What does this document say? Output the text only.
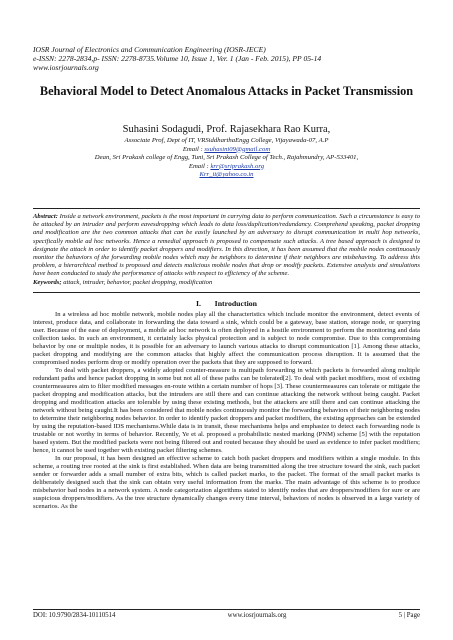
IOSR Journal of Electronics and Communication Engineering (IOSR-JECE)
e-ISSN: 2278-2834,p- ISSN: 2278-8735.Volume 10, Issue 1, Ver. 1 (Jan - Feb. 2015), PP 05-14
www.iosrjournals.org
Behavioral Model to Detect Anomalous Attacks in Packet Transmission
Suhasini Sodagudi, Prof. Rajasekhara Rao Kurra,
Associate Prof, Dept of IT, VRSiddharthaEngg College, Vijayawada-07, A.P
Email : ssuhasini09@gmail.com
Dean, Sri Prakash college of Engg, Tuni, Sri Prakash College of Tech., Rajahmundry, AP-533401,
Email : krr@sriprakash.org
Krr_it@yahoo.co.in
Abstract: Inside a network environment, packets is the most important in carrying data to perform communication. Such a circumstance is easy to be attacked by an intruder and perform eavesdropping which leads to data loss/duplication/redundancy. Comprehend speaking, packet dropping and modification are the two common attacks that can be easily launched by an adversary to disrupt communication in multi hop networks, specifically mobile ad hoc networks. Hence a remedial approach is proposed to compensate such attacks. A tree based approach is designed to designate the attack in order to identify packet droppers and modifiers. In this direction, it has been assumed that the mobile nodes continuously monitor the behaviors of the forwarding mobile nodes which may be neighbors to determine if their neighbors are misbehaving. To address this problem, a hierarchical method is proposed and detects malicious mobile nodes that drop or modify packets. Extensive analysis and simulations have been conducted to study the performance of attacks with respect to efficiency of the scheme.
Keywords; attack, intruder, behavior, packet dropping, modification
I. Introduction

In a wireless ad hoc mobile network, mobile nodes play all the characteristics which include monitor the environment, detect events of interest, produce data, and collaborate in forwarding the data toward a sink, which could be a gateway, base station, storage node, or querying user. Because of the ease of deployment, a mobile ad hoc network is often deployed in a hostile environment to perform the monitoring and data collection tasks. In such an environment, it certainly lacks physical protection and is subject to node compromise. Due to this compromising behavior by one or multiple nodes, it is possible for an adversary to launch various attacks to disrupt communication [1]. Among these attacks, packet dropping and modifying are the common attacks that highly affect the communication process disruption. It is assumed that the compromised nodes perform drop or modify operation over the packets that they are supposed to forward.

To deal with packet droppers, a widely adopted counter-measure is multipath forwarding in which packets is forwarded along multiple redundant paths and hence packet dropping in some but not all of these paths can be tolerated[2]. To deal with packet modifiers, most of existing countermeasures aim to filter modified messages en-route within a certain number of hops [3]. These countermeasures can tolerate or mitigate the packet dropping and modification attacks, but the intruders are still there and can continue attacking the network without being caught. Packet dropping and modification attacks are tolerable by using these existing methods, but the attackers are still there and can continue attacking the network without being caught.It has been considered that mobile nodes continuously monitor the forwarding behaviors of their neighboring nodes to determine their neighboring nodes behavior. In order to identify packet droppers and packet modifiers, the existing approaches can be extended by using the reputation-based IDS mechanisms.While data is in transit, these mechanisms helps and emphasize to detect each forwarding node is trustable or not worthy in terms of behavior. Recently, Ye et al. proposed a probabilistic nested marking (PNM) scheme [5] with the reputation based system. But the modified packets were not being filtered out and routed because they should be used as evidence to infer packet modifiers; hence, it cannot be used together with existing packet filtering schemes.

In our proposal, it has been designed an effective scheme to catch both packet droppers and modifiers within a single module. In this scheme, a routing tree rooted at the sink is first established. When data are being transmitted along the tree structure toward the sink, each packet sender or forwarder adds a small number of extra bits, which is called packet marks, to the packet. The format of the small packet marks is deliberately designed such that the sink can obtain very useful information from the marks. The main advantage of this scheme is to produce misbehavior bad nodes in a network system. A node categorization algorithms stated to identify nodes that are droppers/modifiers for sure or are suspicious droppers/modifiers. As the tree structure dynamically changes every time interval, behaviors of nodes is observed in a large variety of scenarios. As the

DOI: 10.9790/2834-10110514	www.iosrjournals.org	5 | Page
